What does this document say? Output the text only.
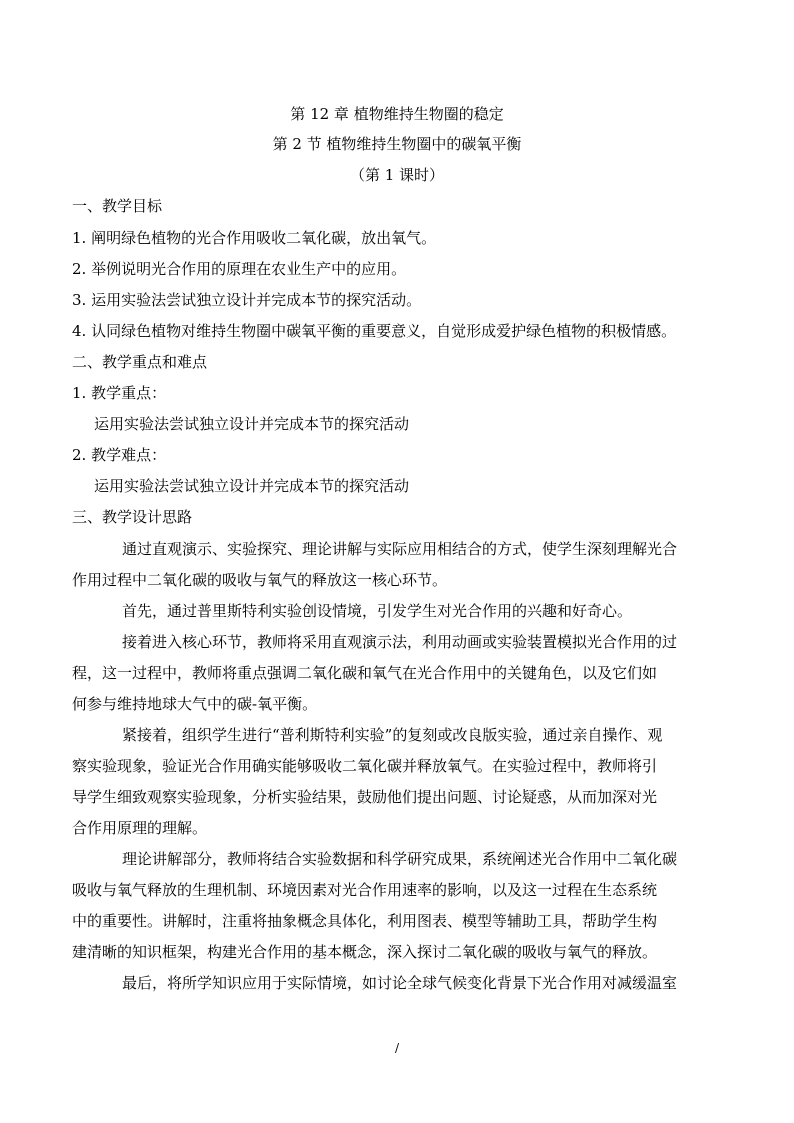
第 12 章 植物维持生物圈的稳定
第 2 节 植物维持生物圈中的碳氧平衡
（第 1 课时）
一、教学目标
1. 阐明绿色植物的光合作用吸收二氧化碳，放出氧气。
2. 举例说明光合作用的原理在农业生产中的应用。
3. 运用实验法尝试独立设计并完成本节的探究活动。
4. 认同绿色植物对维持生物圈中碳氧平衡的重要意义，自觉形成爱护绿色植物的积极情感。
二、教学重点和难点
1. 教学重点：
运用实验法尝试独立设计并完成本节的探究活动
2. 教学难点：
运用实验法尝试独立设计并完成本节的探究活动
三、教学设计思路
通过直观演示、实验探究、理论讲解与实际应用相结合的方式，使学生深刻理解光合
作用过程中二氧化碳的吸收与氧气的释放这一核心环节。
首先，通过普里斯特利实验创设情境，引发学生对光合作用的兴趣和好奇心。
接着进入核心环节，教师将采用直观演示法，利用动画或实验装置模拟光合作用的过
程，这一过程中，教师将重点强调二氧化碳和氧气在光合作用中的关键角色，以及它们如
何参与维持地球大气中的碳-氧平衡。
紧接着，组织学生进行“普利斯特利实验”的复刻或改良版实验，通过亲自操作、观
察实验现象，验证光合作用确实能够吸收二氧化碳并释放氧气。在实验过程中，教师将引
导学生细致观察实验现象，分析实验结果，鼓励他们提出问题、讨论疑惑，从而加深对光
合作用原理的理解。
理论讲解部分，教师将结合实验数据和科学研究成果，系统阐述光合作用中二氧化碳
吸收与氧气释放的生理机制、环境因素对光合作用速率的影响，以及这一过程在生态系统
中的重要性。讲解时，注重将抽象概念具体化，利用图表、模型等辅助工具，帮助学生构
建清晰的知识框架，构建光合作用的基本概念，深入探讨二氧化碳的吸收与氧气的释放。
最后，将所学知识应用于实际情境，如讨论全球气候变化背景下光合作用对减缓温室
/
